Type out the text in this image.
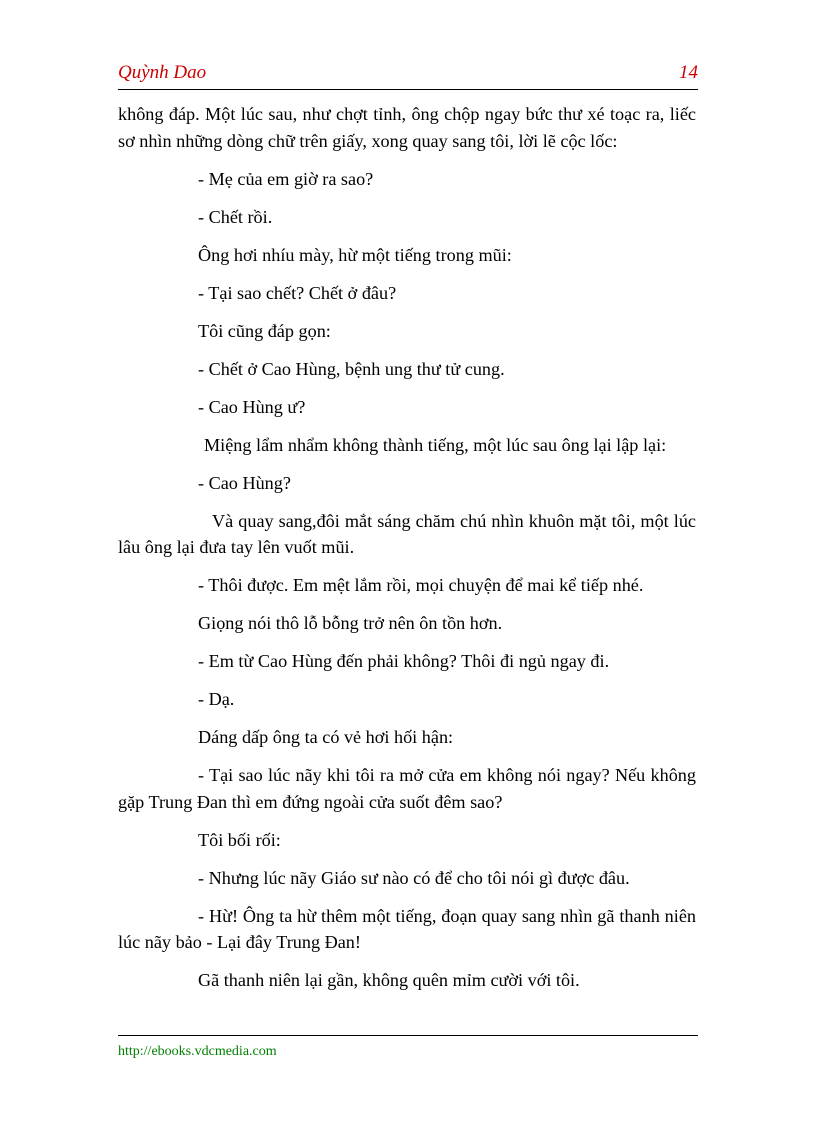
Quỳnh Dao	14

không đáp. Một lúc sau, như chợt tỉnh, ông chộp ngay bức thư xé toạc ra, liếc sơ nhìn những dòng chữ trên giấy, xong quay sang tôi, lời lẽ cộc lốc:

- Mẹ của em giờ ra sao?

- Chết rồi.

Ông hơi nhíu mày, hừ một tiếng trong mũi:

- Tại sao chết? Chết ở đâu?

Tôi cũng đáp gọn:

- Chết ở Cao Hùng, bệnh ung thư tử cung.

- Cao Hùng ư?

Miệng lẩm nhẩm không thành tiếng, một lúc sau ông lại lập lại:

- Cao Hùng?

Và quay sang,đôi mắt sáng chăm chú nhìn khuôn mặt tôi, một lúc lâu ông lại đưa tay lên vuốt mũi.

- Thôi được. Em mệt lắm rồi, mọi chuyện để mai kể tiếp nhé.

Giọng nói thô lỗ bỗng trở nên ôn tồn hơn.

- Em từ Cao Hùng đến phải không? Thôi đi ngủ ngay đi.

- Dạ.

Dáng dấp ông ta có vẻ hơi hối hận:

- Tại sao lúc nãy khi tôi ra mở cửa em không nói ngay? Nếu không gặp Trung Đan thì em đứng ngoài cửa suốt đêm sao?

Tôi bối rối:

- Nhưng lúc nãy Giáo sư nào có để cho tôi nói gì được đâu.

- Hừ! Ông ta hừ thêm một tiếng, đoạn quay sang nhìn gã thanh niên lúc nãy bảo - Lại đây Trung Đan!

Gã thanh niên lại gần, không quên mỉm cười với tôi.

http://ebooks.vdcmedia.com
